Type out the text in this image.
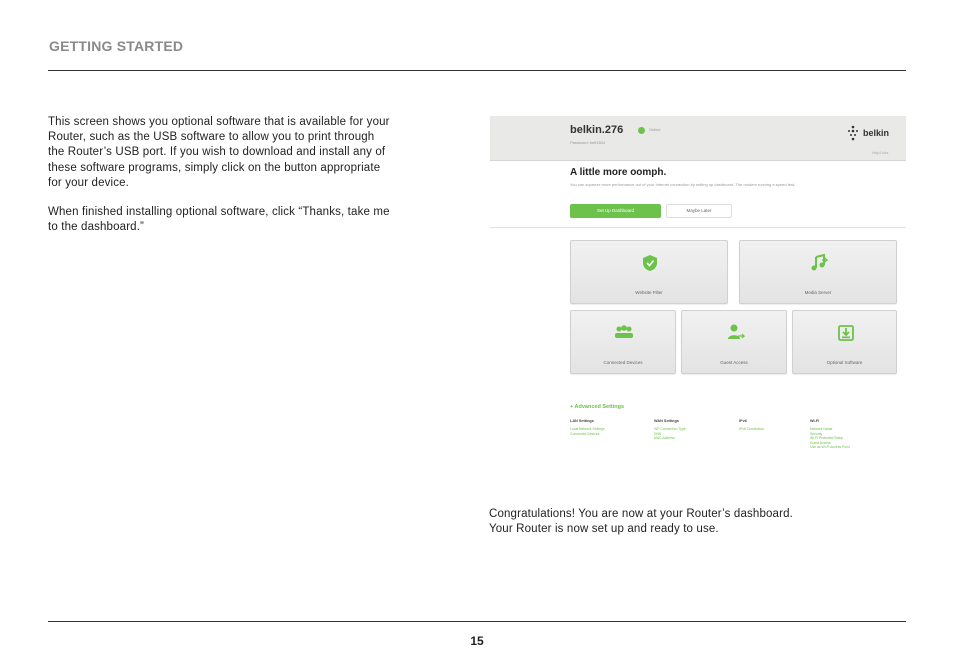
GETTING STARTED

This screen shows you optional software that is available for your Router, such as the USB software to allow you to print through the Router’s USB port. If you wish to download and install any of these software programs, simply click on the button appropriate for your device.

When finished installing optional software, click “Thanks, take me to the dashboard.”

belkin.276	Online
Password: belf1834
belkin
Help/Links
A little more oomph.
You can squeeze more performance out of your Internet connection by setting up dashboard. The modem running a speed test.
Set Up Dashboard	Maybe Later
Website Filter	Media Server
Connected Devices	Guest Access	Optional Software
+ Advanced Settings
LAN Settings
Local Network Settings
Connected Devices
WAN Settings
ISP Connection Type
DNS
MAC Address
IPv6
IPv6 Connection
Wi-Fi
Network Name
Security
Wi-Fi Protected Setup
Guest Access
Use as Wi-Fi Access Point

Congratulations! You are now at your Router’s dashboard.

Your Router is now set up and ready to use.

15
